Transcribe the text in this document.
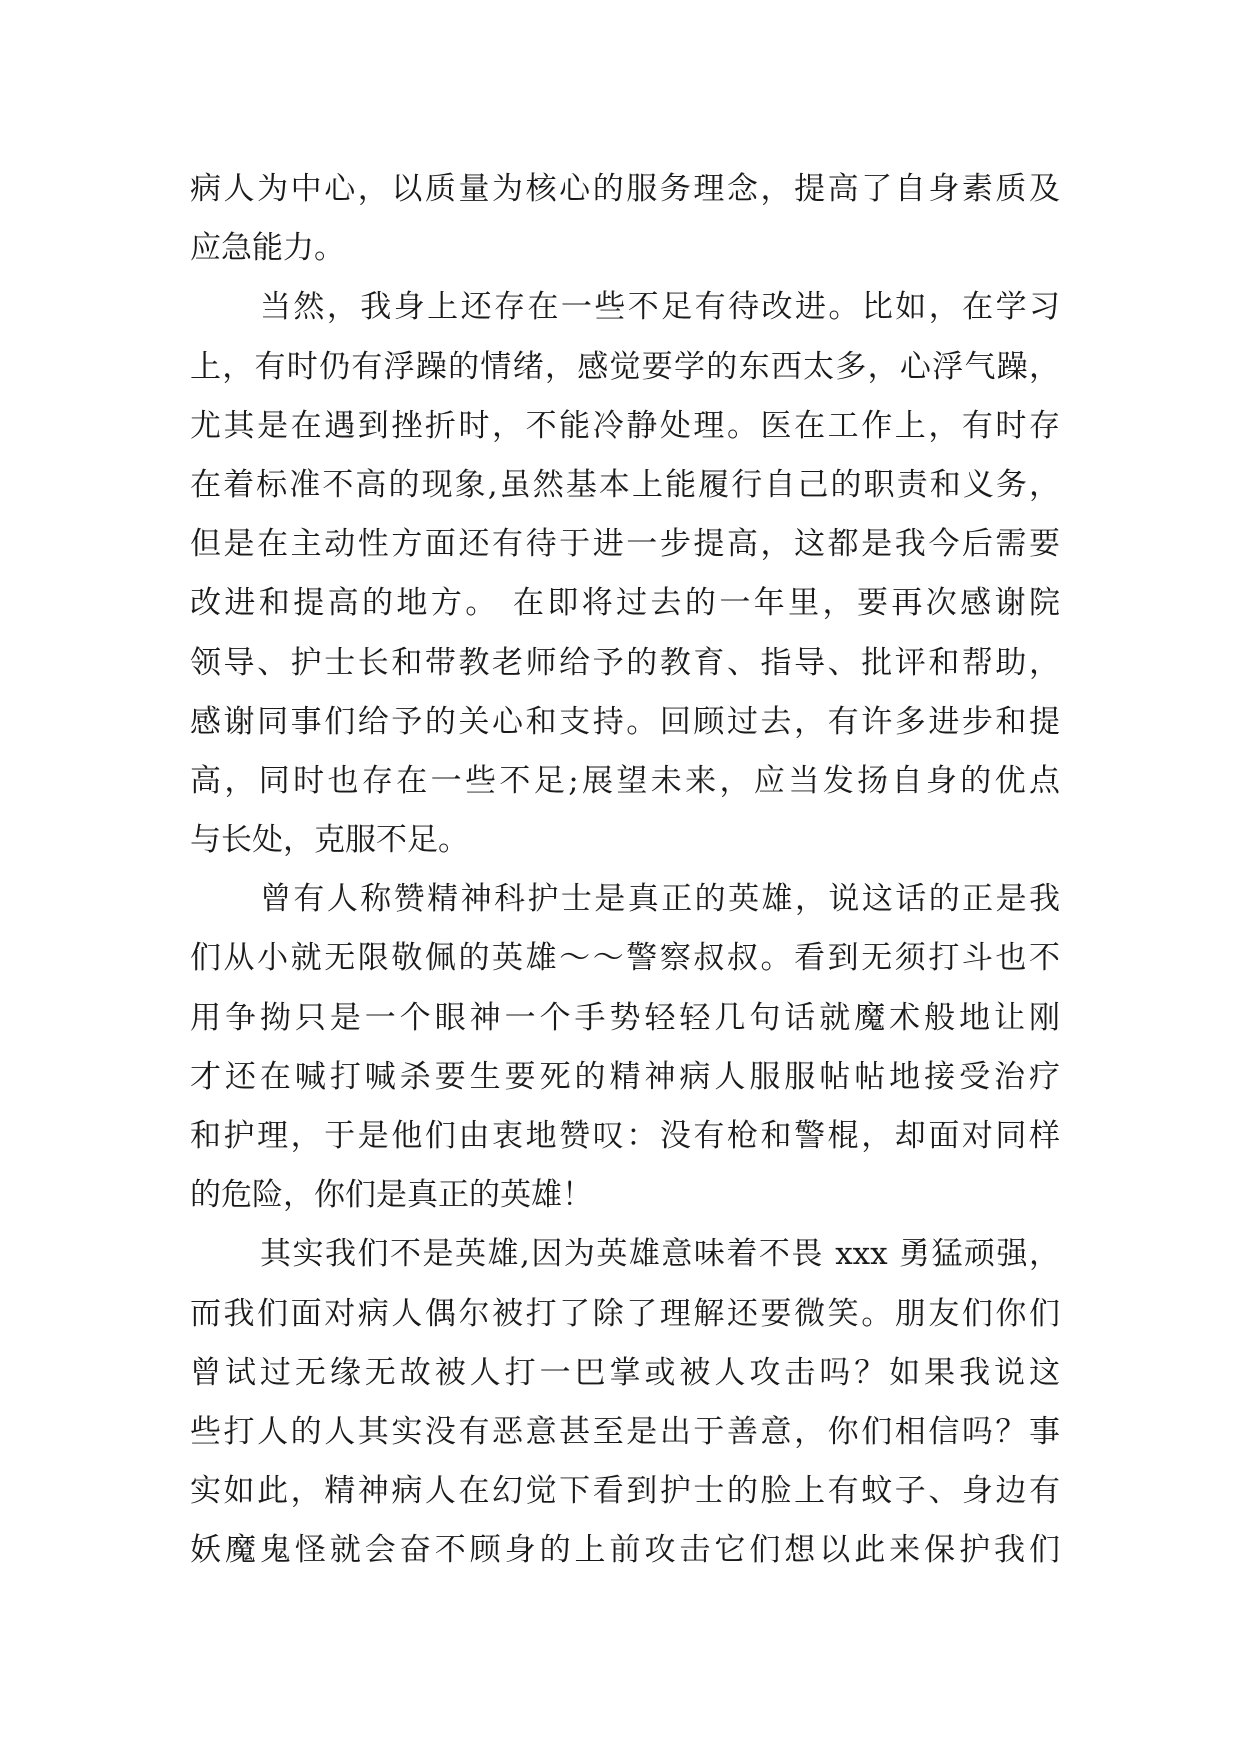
病人为中心，以质量为核心的服务理念，提高了自身素质及
应急能力。
当然，我身上还存在一些不足有待改进。比如，在学习
上，有时仍有浮躁的情绪，感觉要学的东西太多，心浮气躁，
尤其是在遇到挫折时，不能冷静处理。医在工作上，有时存
在着标准不高的现象,虽然基本上能履行自己的职责和义务，
但是在主动性方面还有待于进一步提高，这都是我今后需要
改进和提高的地方。 在即将过去的一年里，要再次感谢院
领导、护士长和带教老师给予的教育、指导、批评和帮助，
感谢同事们给予的关心和支持。回顾过去，有许多进步和提
高，同时也存在一些不足;展望未来，应当发扬自身的优点
与长处，克服不足。
曾有人称赞精神科护士是真正的英雄，说这话的正是我
们从小就无限敬佩的英雄～～警察叔叔。看到无须打斗也不
用争拗只是一个眼神一个手势轻轻几句话就魔术般地让刚
才还在喊打喊杀要生要死的精神病人服服帖帖地接受治疗
和护理，于是他们由衷地赞叹：没有枪和警棍，却面对同样
的危险，你们是真正的英雄！
其实我们不是英雄,因为英雄意味着不畏 xxx 勇猛顽强，
而我们面对病人偶尔被打了除了理解还要微笑。朋友们你们
曾试过无缘无故被人打一巴掌或被人攻击吗？如果我说这
些打人的人其实没有恶意甚至是出于善意，你们相信吗？事
实如此，精神病人在幻觉下看到护士的脸上有蚊子、身边有
妖魔鬼怪就会奋不顾身的上前攻击它们想以此来保护我们
